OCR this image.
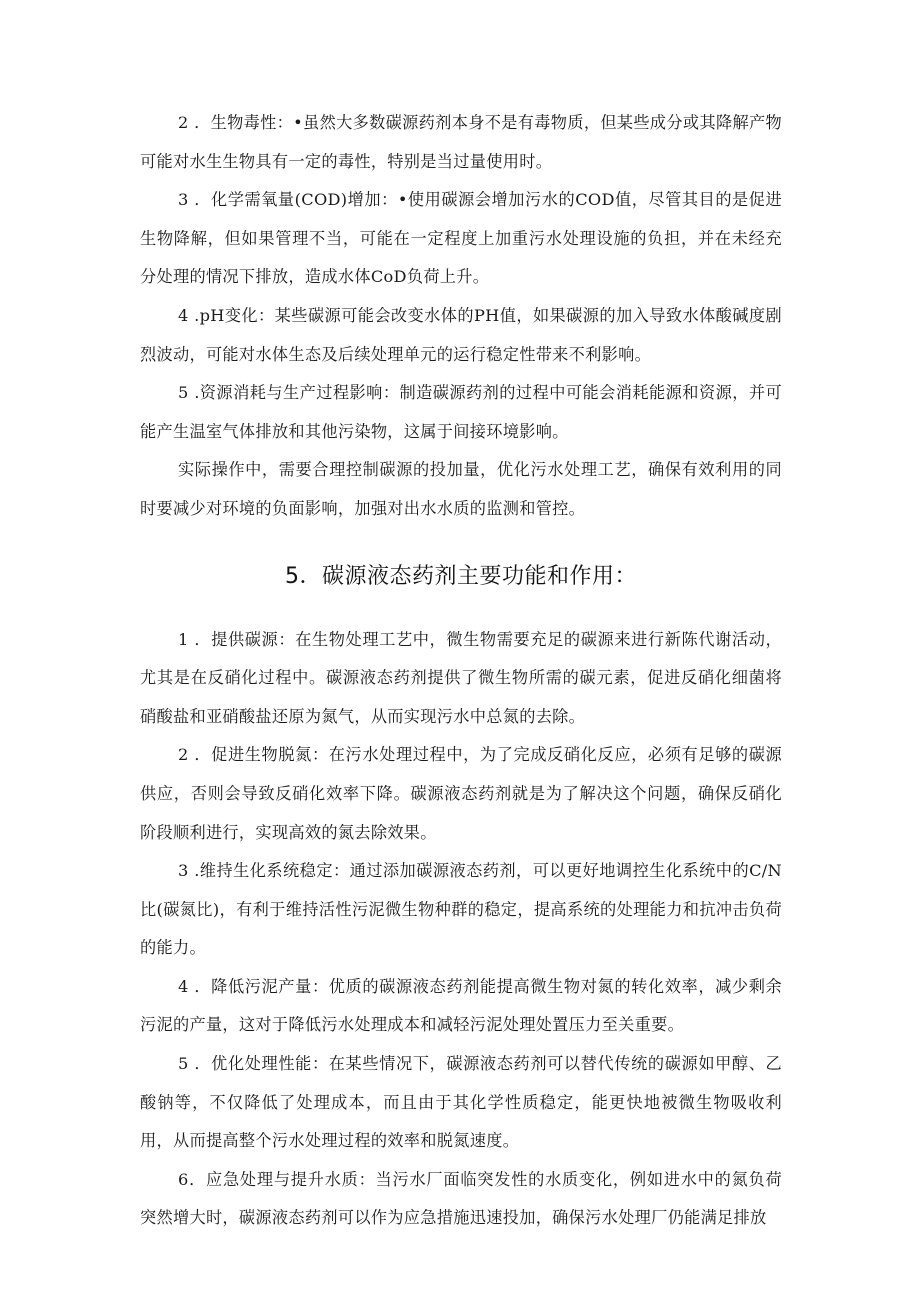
2 ．生物毒性：•虽然大多数碳源药剂本身不是有毒物质，但某些成分或其降解产物可能对水生生物具有一定的毒性，特别是当过量使用时。

3 ．化学需氧量(COD)增加：•使用碳源会增加污水的COD值，尽管其目的是促进生物降解，但如果管理不当，可能在一定程度上加重污水处理设施的负担，并在未经充分处理的情况下排放，造成水体CoD负荷上升。

4 .pH变化：某些碳源可能会改变水体的PH值，如果碳源的加入导致水体酸碱度剧烈波动，可能对水体生态及后续处理单元的运行稳定性带来不利影响。

5 .资源消耗与生产过程影响：制造碳源药剂的过程中可能会消耗能源和资源，并可能产生温室气体排放和其他污染物，这属于间接环境影响。

实际操作中，需要合理控制碳源的投加量，优化污水处理工艺，确保有效利用的同时要减少对环境的负面影响，加强对出水水质的监测和管控。

5．碳源液态药剂主要功能和作用：

1 ．提供碳源：在生物处理工艺中，微生物需要充足的碳源来进行新陈代谢活动，尤其是在反硝化过程中。碳源液态药剂提供了微生物所需的碳元素，促进反硝化细菌将硝酸盐和亚硝酸盐还原为氮气，从而实现污水中总氮的去除。

2 ．促进生物脱氮：在污水处理过程中，为了完成反硝化反应，必须有足够的碳源供应，否则会导致反硝化效率下降。碳源液态药剂就是为了解决这个问题，确保反硝化阶段顺利进行，实现高效的氮去除效果。

3 .维持生化系统稳定：通过添加碳源液态药剂，可以更好地调控生化系统中的C/N比(碳氮比)，有利于维持活性污泥微生物种群的稳定，提高系统的处理能力和抗冲击负荷的能力。

4 ．降低污泥产量：优质的碳源液态药剂能提高微生物对氮的转化效率，减少剩余污泥的产量，这对于降低污水处理成本和减轻污泥处理处置压力至关重要。

5 ．优化处理性能：在某些情况下，碳源液态药剂可以替代传统的碳源如甲醇、乙酸钠等，不仅降低了处理成本，而且由于其化学性质稳定，能更快地被微生物吸收利用，从而提高整个污水处理过程的效率和脱氮速度。

6．应急处理与提升水质：当污水厂面临突发性的水质变化，例如进水中的氮负荷突然增大时，碳源液态药剂可以作为应急措施迅速投加，确保污水处理厂仍能满足排放
